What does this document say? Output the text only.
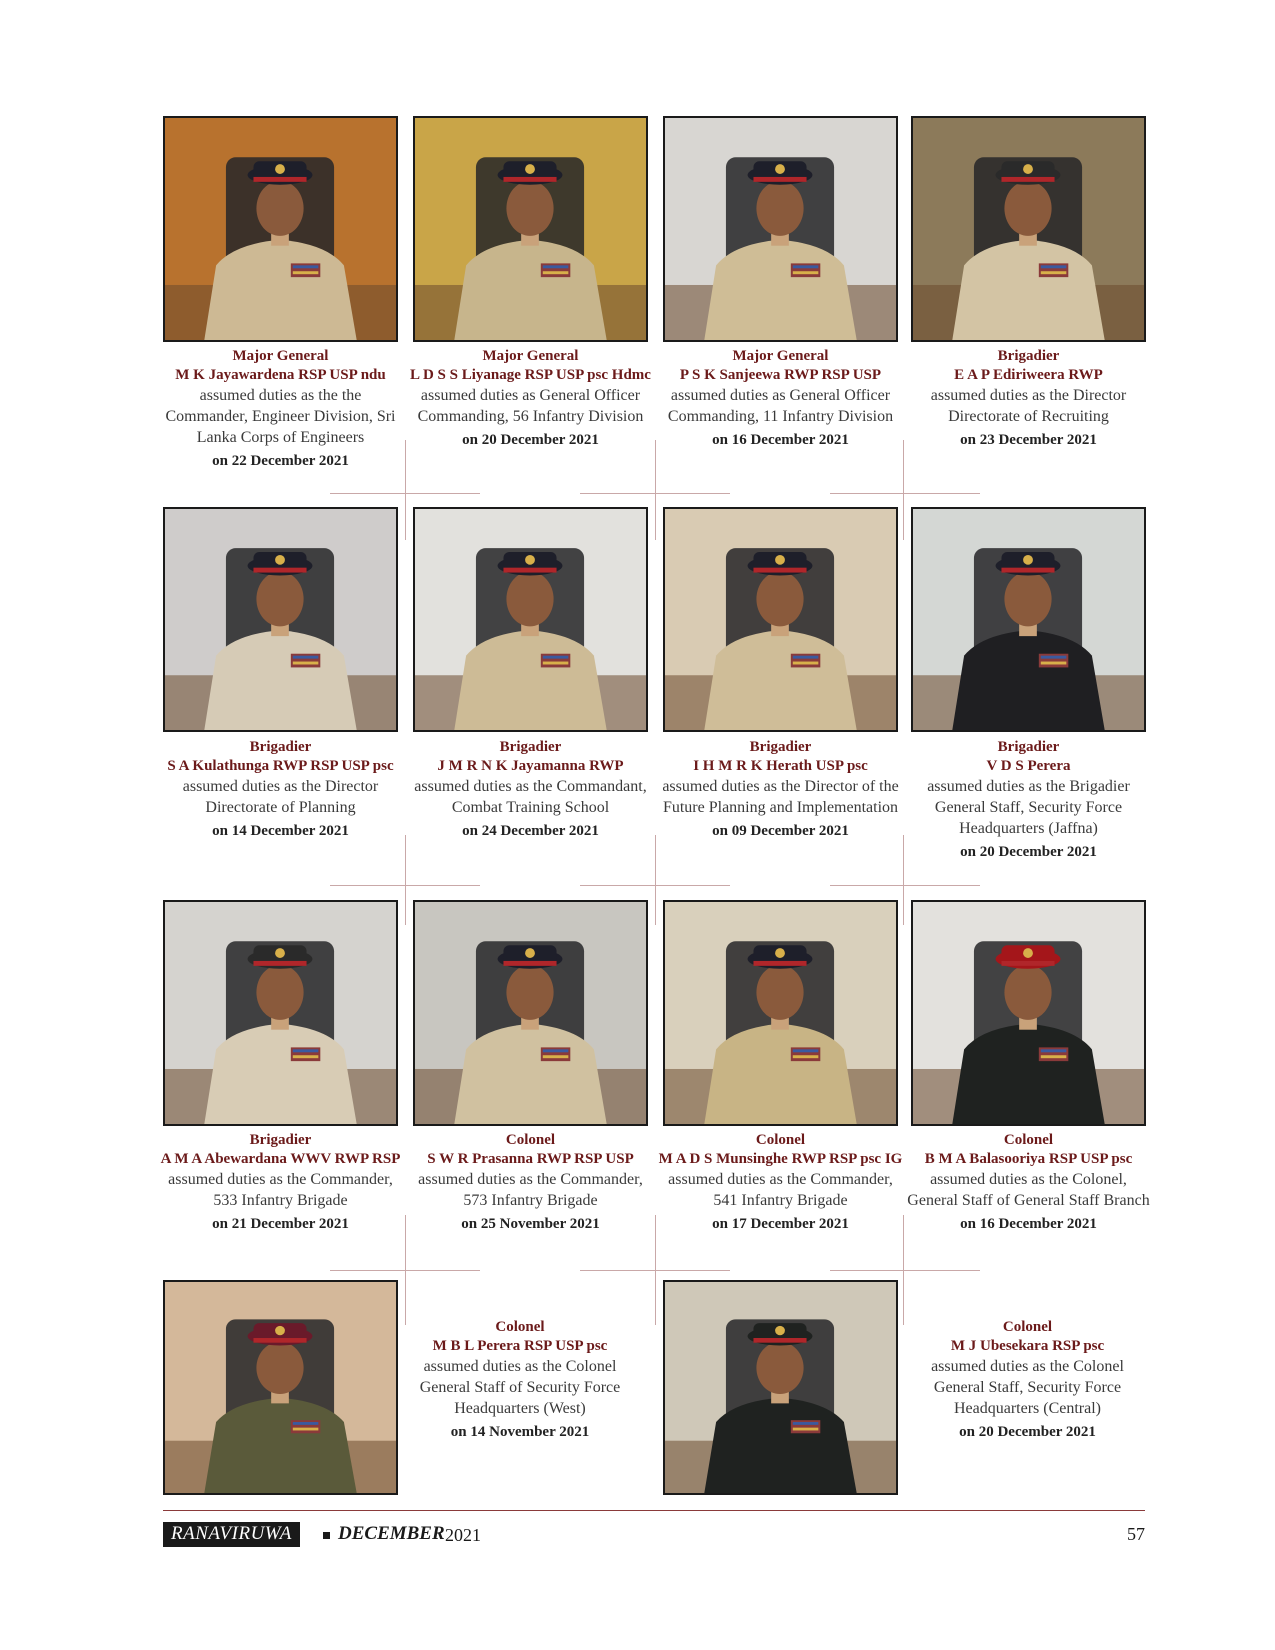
Major General
M K Jayawardena RSP USP ndu
assumed duties as the the Commander, Engineer Division, Sri Lanka Corps of Engineers
on 22 December 2021
Major General
L D S S Liyanage RSP USP psc Hdmc
assumed duties as General Officer Commanding, 56 Infantry Division
on 20 December 2021
Major General
P S K Sanjeewa RWP RSP USP
assumed duties as General Officer Commanding, 11 Infantry Division
on 16 December 2021
Brigadier
E A P Ediriweera RWP
assumed duties as the Director Directorate of Recruiting
on 23 December 2021
Brigadier
S A Kulathunga RWP RSP USP psc
assumed duties as the Director Directorate of Planning
on 14 December 2021
Brigadier
J M R N K Jayamanna RWP
assumed duties as the Commandant, Combat Training School
on 24 December 2021
Brigadier
I H M R K Herath USP psc
assumed duties as the Director of the Future Planning and Implementation
on 09 December 2021
Brigadier
V D S Perera
assumed duties as the Brigadier General Staff, Security Force Headquarters (Jaffna)
on 20 December 2021
Brigadier
A M A Abewardana WWV RWP RSP
assumed duties as the Commander, 533 Infantry Brigade
on 21 December 2021
Colonel
S W R Prasanna RWP RSP USP
assumed duties as the Commander, 573 Infantry Brigade
on 25 November 2021
Colonel
M A D S Munsinghe RWP RSP psc IG
assumed duties as the Commander, 541 Infantry Brigade
on 17 December 2021
Colonel
B M A Balasooriya RSP USP psc
assumed duties as the Colonel, General Staff of General Staff Branch
on 16 December 2021
Colonel
M B L Perera RSP USP psc
assumed duties as the Colonel General Staff of Security Force Headquarters (West)
on 14 November 2021
Colonel
M J Ubesekara RSP psc
assumed duties as the Colonel General Staff, Security Force Headquarters (Central)
on 20 December 2021
RANAVIRUWA	DECEMBER 2021	57
